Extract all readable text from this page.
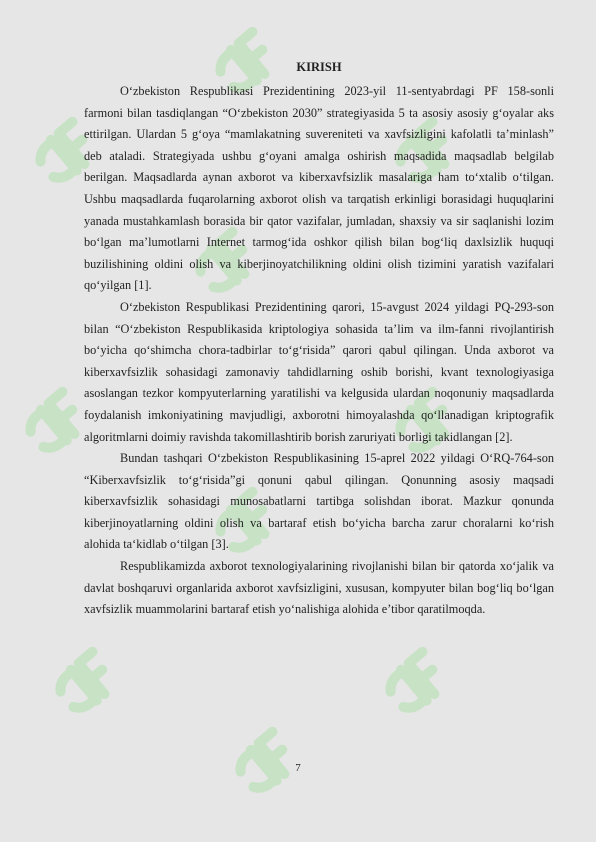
KIRISH

O‘zbekiston Respublikasi Prezidentining 2023-yil 11-sentyabrdagi PF 158-sonli farmoni bilan tasdiqlangan “O‘zbekiston 2030” strategiyasida 5 ta asosiy asosiy g‘oyalar aks ettirilgan. Ulardan 5 g‘oya “mamlakatning suvereniteti va xavfsizligini kafolatli ta’minlash” deb ataladi. Strategiyada ushbu g‘oyani amalga oshirish maqsadida maqsadlab belgilab berilgan. Maqsadlarda aynan axborot va kiberxavfsizlik masalariga ham to‘xtalib o‘tilgan. Ushbu maqsadlarda fuqarolarning axborot olish va tarqatish erkinligi borasidagi huquqlarini yanada mustahkamlash borasida bir qator vazifalar, jumladan, shaxsiy va sir saqlanishi lozim bo‘lgan ma’lumotlarni Internet tarmog‘ida oshkor qilish bilan bog‘liq daxlsizlik huquqi buzilishining oldini olish va kiberjinoyatchilikning oldini olish tizimini yaratish vazifalari qo‘yilgan [1].

O‘zbekiston Respublikasi Prezidentining qarori, 15-avgust 2024 yildagi PQ-293-son bilan “O‘zbekiston Respublikasida kriptologiya sohasida ta’lim va ilm-fanni rivojlantirish bo‘yicha qo‘shimcha chora-tadbirlar to‘g‘risida” qarori qabul qilingan. Unda axborot va kiberxavfsizlik sohasidagi zamonaviy tahdidlarning oshib borishi, kvant texnologiyasiga asoslangan tezkor kompyuterlarning yaratilishi va kelgusida ulardan noqonuniy maqsadlarda foydalanish imkoniyatining mavjudligi, axborotni himoyalashda qo‘llanadigan kriptografik algoritmlarni doimiy ravishda takomillashtirib borish zaruriyati borligi takidlangan [2].

Bundan tashqari O‘zbekiston Respublikasining 15-aprel 2022 yildagi O‘RQ-764-son “Kiberxavfsizlik to‘g‘risida”gi qonuni qabul qilingan. Qonunning asosiy maqsadi kiberxavfsizlik sohasidagi munosabatlarni tartibga solishdan iborat. Mazkur qonunda kiberjinoyatlarning oldini olish va bartaraf etish bo‘yicha barcha zarur choralarni ko‘rish alohida ta‘kidlab o‘tilgan [3].

Respublikamizda axborot texnologiyalarining rivojlanishi bilan bir qatorda xo‘jalik va davlat boshqaruvi organlarida axborot xavfsizligini, xususan, kompyuter bilan bog‘liq bo‘lgan xavfsizlik muammolarini bartaraf etish yo‘nalishiga alohida e’tibor qaratilmoqda.

7
